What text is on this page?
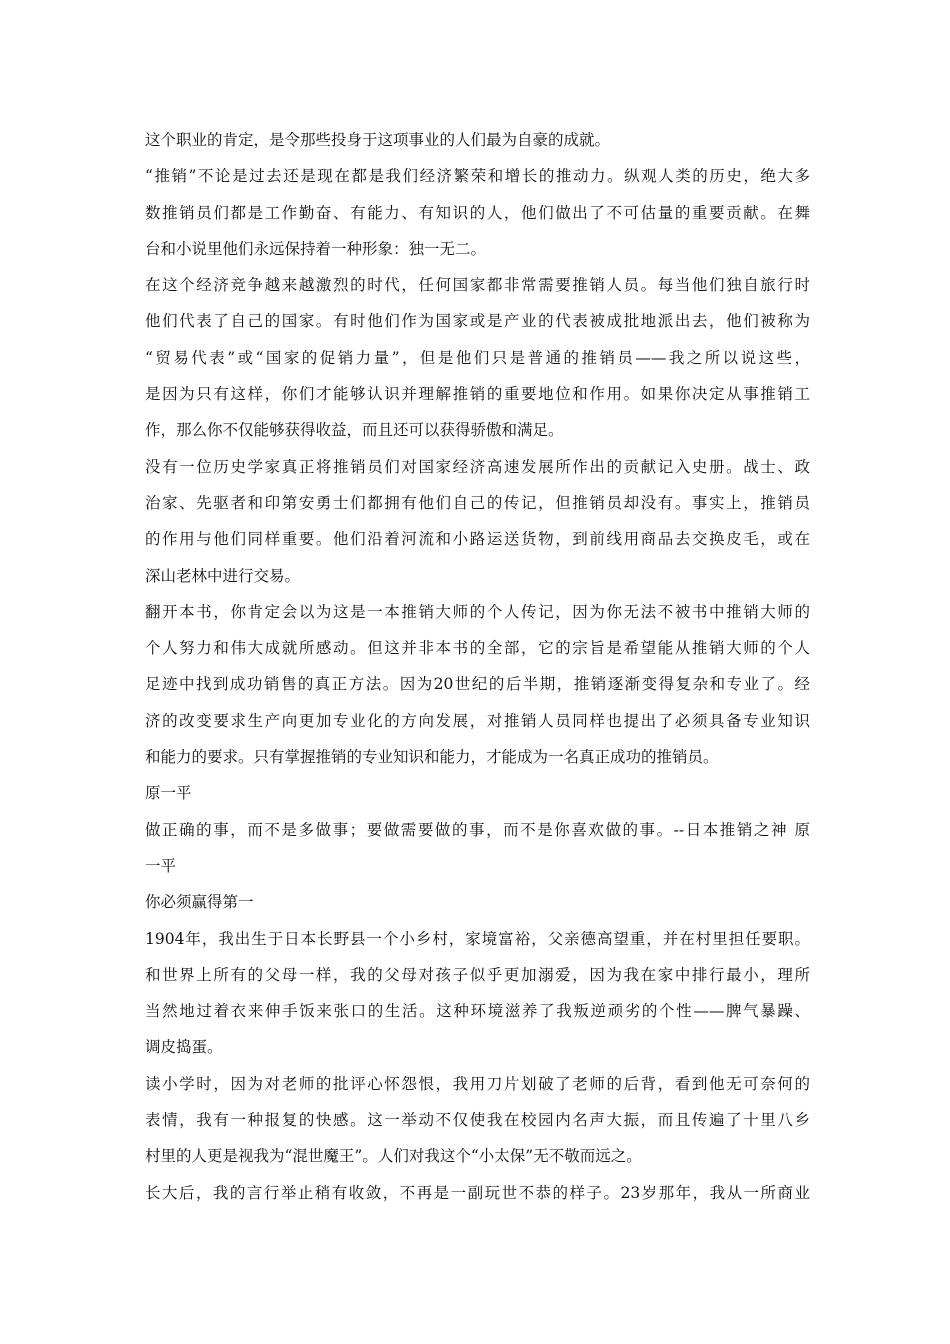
这个职业的肯定，是令那些投身于这项事业的人们最为自豪的成就。
“推销”不论是过去还是现在都是我们经济繁荣和增长的推动力。纵观人类的历史，绝大多
数推销员们都是工作勤奋、有能力、有知识的人，他们做出了不可估量的重要贡献。在舞
台和小说里他们永远保持着一种形象：独一无二。
在这个经济竞争越来越激烈的时代，任何国家都非常需要推销人员。每当他们独自旅行时
他们代表了自己的国家。有时他们作为国家或是产业的代表被成批地派出去，他们被称为
“贸易代表”或“国家的促销力量”，但是他们只是普通的推销员——我之所以说这些，
是因为只有这样，你们才能够认识并理解推销的重要地位和作用。如果你决定从事推销工
作，那么你不仅能够获得收益，而且还可以获得骄傲和满足。
没有一位历史学家真正将推销员们对国家经济高速发展所作出的贡献记入史册。战士、政
治家、先驱者和印第安勇士们都拥有他们自己的传记，但推销员却没有。事实上，推销员
的作用与他们同样重要。他们沿着河流和小路运送货物，到前线用商品去交换皮毛，或在
深山老林中进行交易。
翻开本书，你肯定会以为这是一本推销大师的个人传记，因为你无法不被书中推销大师的
个人努力和伟大成就所感动。但这并非本书的全部，它的宗旨是希望能从推销大师的个人
足迹中找到成功销售的真正方法。因为20世纪的后半期，推销逐渐变得复杂和专业了。经
济的改变要求生产向更加专业化的方向发展，对推销人员同样也提出了必须具备专业知识
和能力的要求。只有掌握推销的专业知识和能力，才能成为一名真正成功的推销员。
原一平
做正确的事，而不是多做事；要做需要做的事，而不是你喜欢做的事。--日本推销之神 原
一平
你必须赢得第一
1904年，我出生于日本长野县一个小乡村，家境富裕，父亲德高望重，并在村里担任要职。
和世界上所有的父母一样，我的父母对孩子似乎更加溺爱，因为我在家中排行最小，理所
当然地过着衣来伸手饭来张口的生活。这种环境滋养了我叛逆顽劣的个性——脾气暴躁、
调皮捣蛋。
读小学时，因为对老师的批评心怀怨恨，我用刀片划破了老师的后背，看到他无可奈何的
表情，我有一种报复的快感。这一举动不仅使我在校园内名声大振，而且传遍了十里八乡
村里的人更是视我为“混世魔王”。人们对我这个“小太保”无不敬而远之。
长大后，我的言行举止稍有收敛，不再是一副玩世不恭的样子。23岁那年，我从一所商业
